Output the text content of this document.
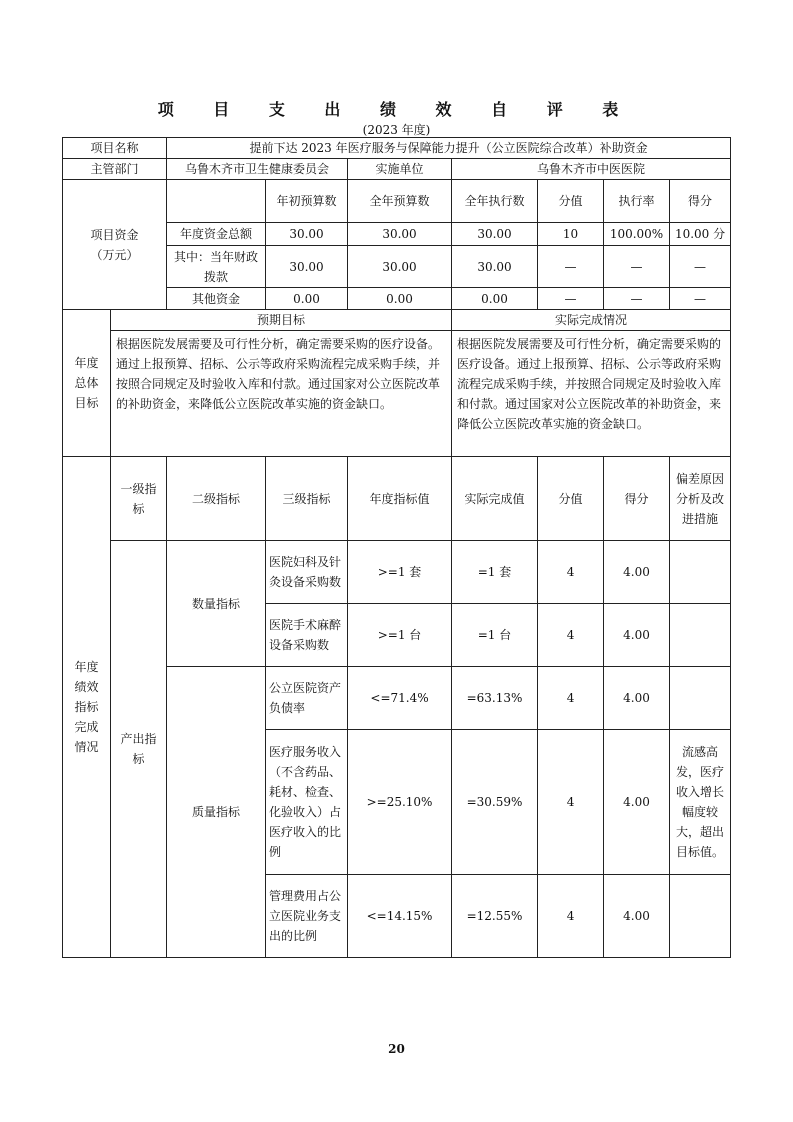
项 目 支 出 绩 效 自 评 表
(2023 年度)
项目名称		提前下达 2023 年医疗服务与保障能力提升（公立医院综合改革）补助资金						
主管部门		乌鲁木齐市卫生健康委员会		实施单位	乌鲁木齐市中医医院			

项目资金
（万元）			年初预算数	全年预算数	全年执行数	分值	执行率	得分
		年度资金总额	30.00	30.00	30.00	10	100.00%	10.00 分
		其中：当年财政拨款	30.00	30.00	30.00	—	—	—
		其他资金	0.00	0.00	0.00	—	—	—
年度总体目标	预期目标				实际完成情况			
	根据医院发展需要及可行性分析，确定需要采购的医疗设备。通过上报预算、招标、公示等政府采购流程完成采购手续，并按照合同规定及时验收入库和付款。通过国家对公立医院改革的补助资金，来降低公立医院改革实施的资金缺口。				根据医院发展需要及可行性分析，确定需要采购的医疗设备。通过上报预算、招标、公示等政府采购流程完成采购手续，并按照合同规定及时验收入库和付款。通过国家对公立医院改革的补助资金，来降低公立医院改革实施的资金缺口。			
年度绩效指标完成情况	一级指标	二级指标	三级指标	年度指标值	实际完成值	分值	得分	偏差原因分析及改进措施
	产出指标	数量指标	医院妇科及针灸设备采购数	>=1 套	=1 套	4	4.00	
			医院手术麻醉设备采购数	>=1 台	=1 台	4	4.00	
		质量指标	公立医院资产负债率	<=71.4%	=63.13%	4	4.00	
			医疗服务收入（不含药品、耗材、检查、化验收入）占医疗收入的比例	>=25.10%	=30.59%	4	4.00	流感高发，医疗收入增长幅度较大，超出目标值。
			管理费用占公立医院业务支出的比例	<=14.15%	=12.55%	4	4.00	
20
